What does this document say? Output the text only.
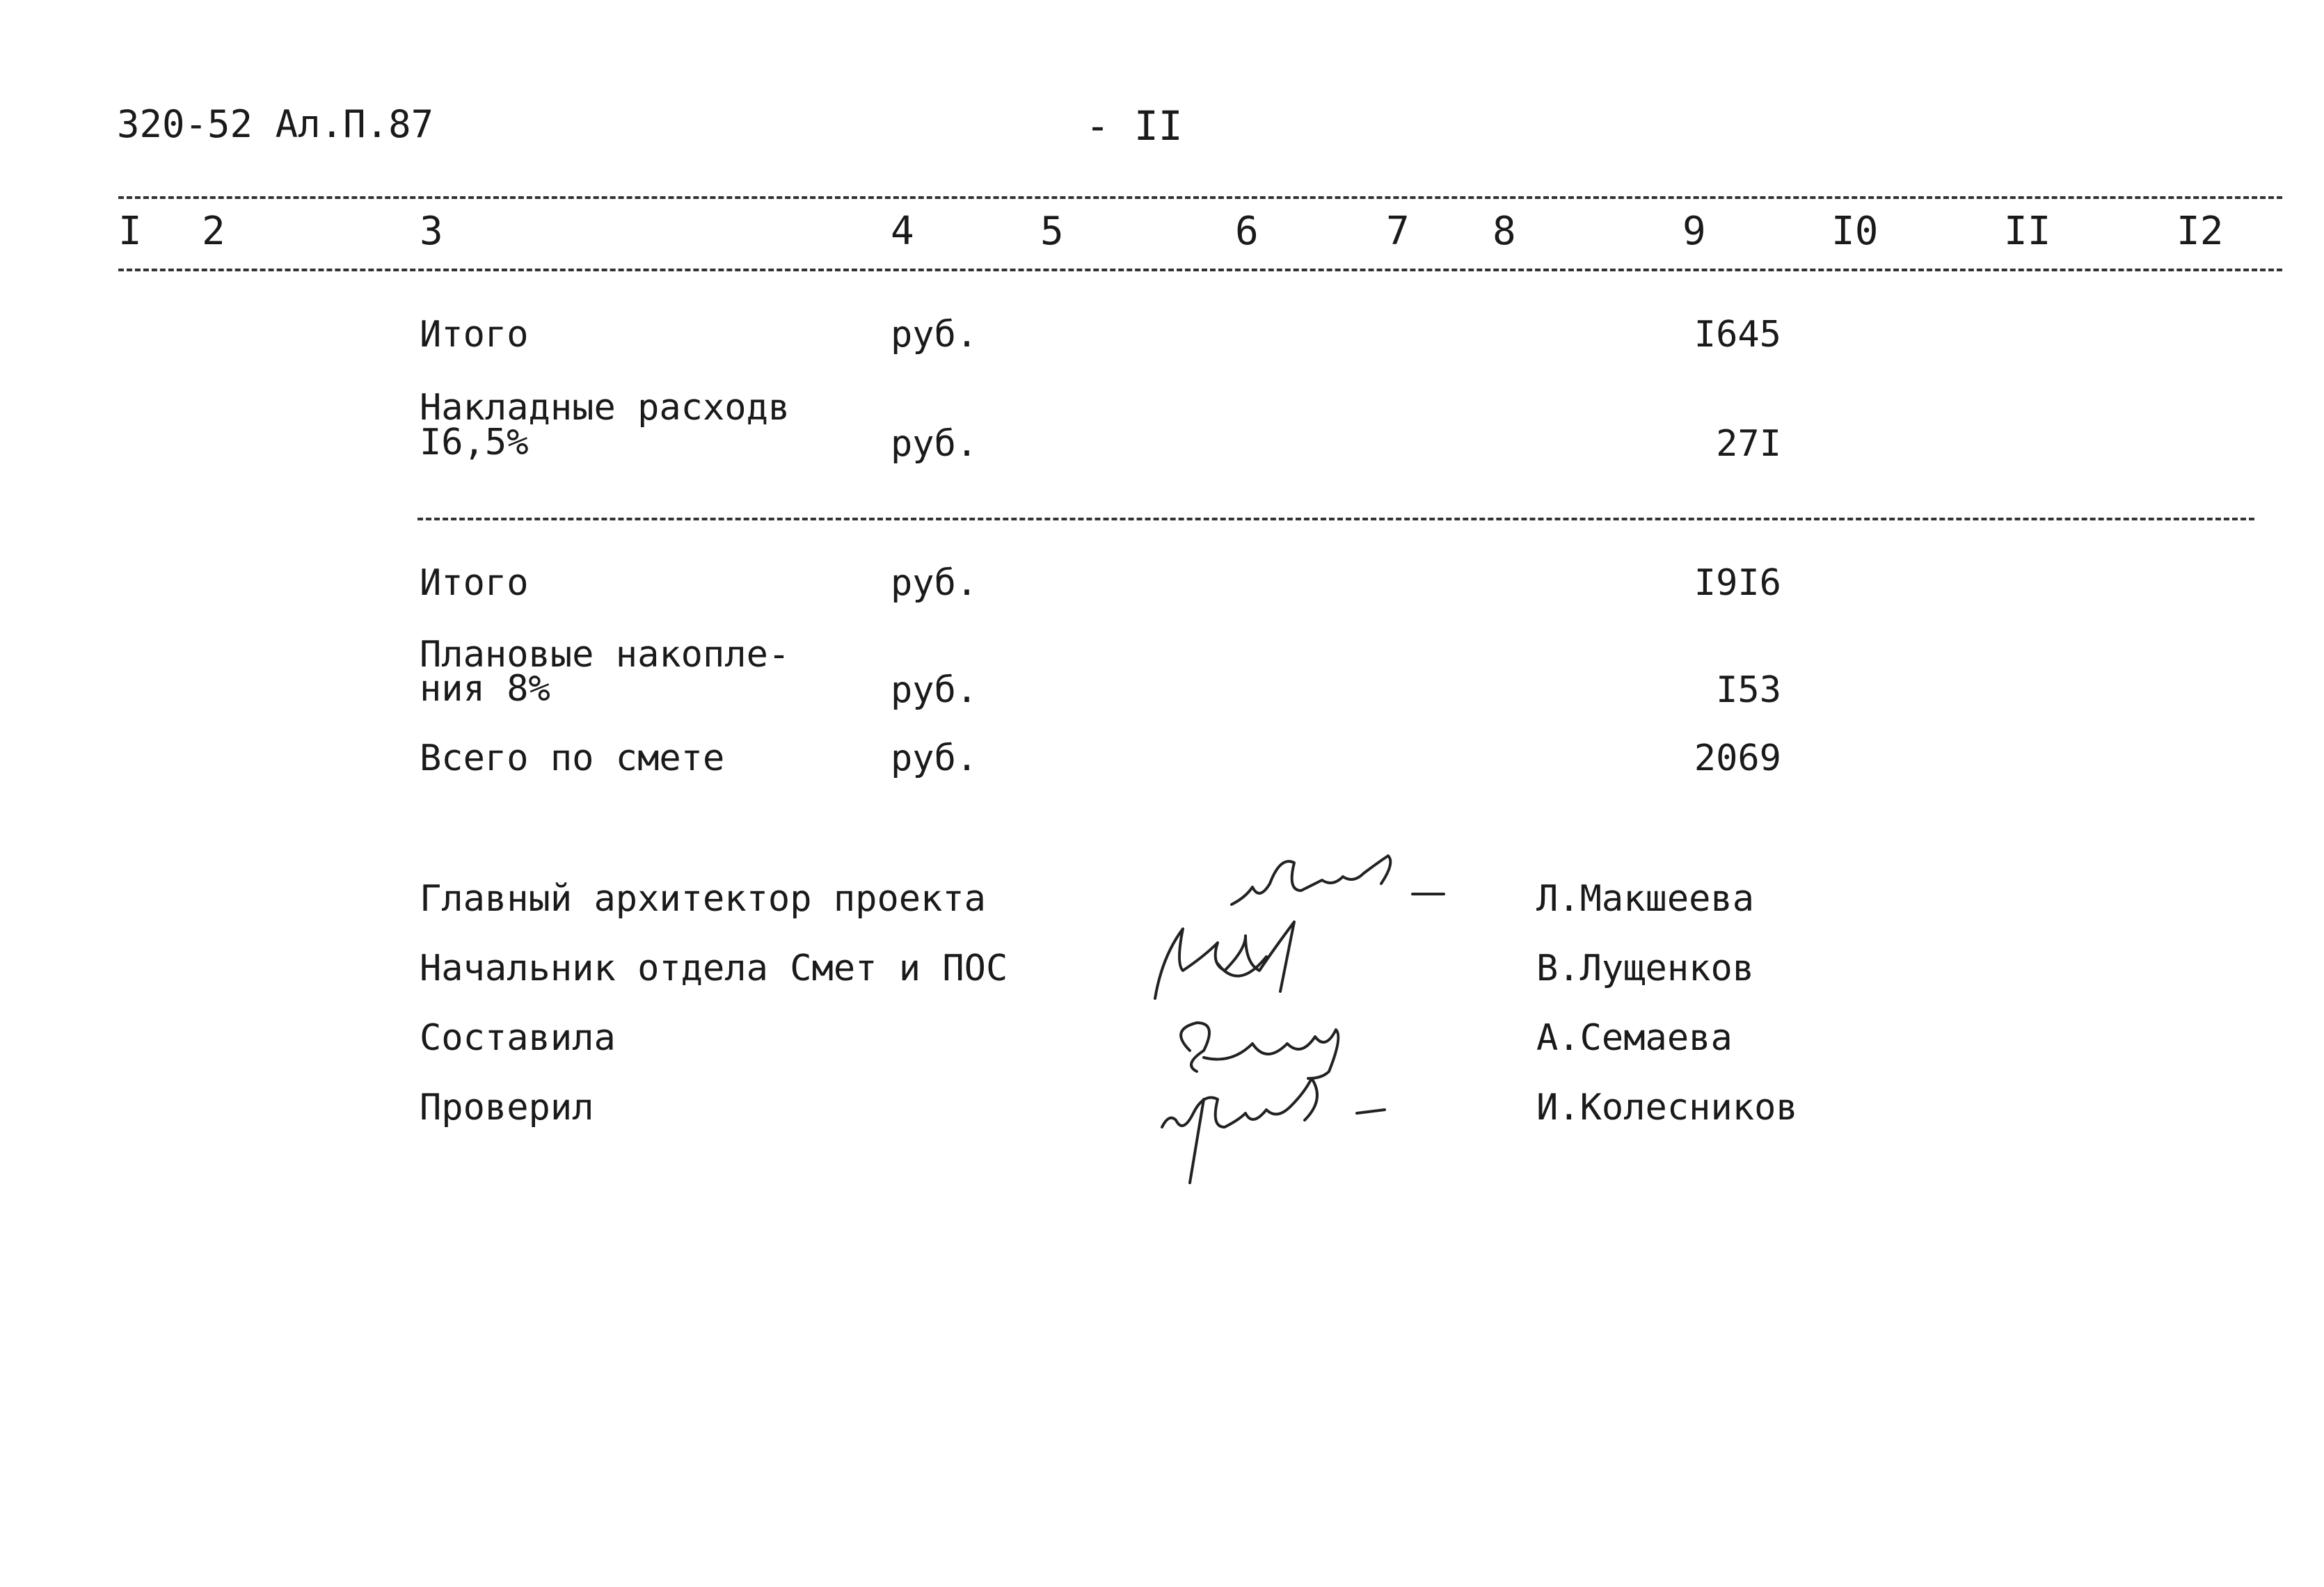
320-52 Ал.П.87	- II
I 2	3	4	5	6	7 8	9	I0	II	I2
Итого	руб.	I645
Накладные расходв
I6,5%	руб.	27I
Итого	руб.	I9I6
Плановые накопле-
ния 8%	руб.	I53
Всего по смете	руб.	2069
Главный архитектор проекта	Л.Макшеева
Начальник отдела Смет и ПОС	В.Лущенков
Составила	А.Семаева
Проверил	И.Колесников
